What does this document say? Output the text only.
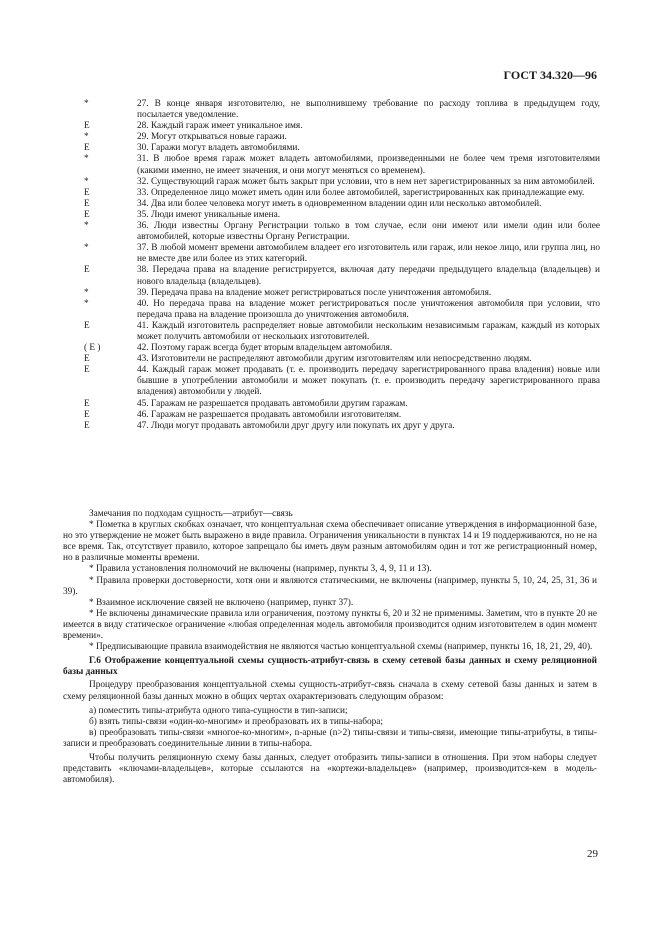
ГОСТ 34.320—96
*	27. В конце января изготовителю, не выполнившему требование по расходу топлива в предыдущем году, посылается уведомление.
E	28. Каждый гараж имеет уникальное имя.
*	29. Могут открываться новые гаражи.
E	30. Гаражи могут владеть автомобилями.
*	31. В любое время гараж может владеть автомобилями, произведенными не более чем тремя изготовителями (какими именно, не имеет значения, и они могут меняться со временем).
*	32. Существующий гараж может быть закрыт при условии, что в нем нет зарегистрированных за ним автомобилей.
E	33. Определенное лицо может иметь один или более автомобилей, зарегистрированных как принадлежащие ему.
E	34. Два или более человека могут иметь в одновременном владении один или несколько автомобилей.
E	35. Люди имеют уникальные имена.
*	36. Люди известны Органу Регистрации только в том случае, если они имеют или имели один или более автомобилей, которые известны Органу Регистрации.
*	37. В любой момент времени автомобилем владеет его изготовитель или гараж, или некое лицо, или группа лиц, но не вместе две или более из этих категорий.
E	38. Передача права на владение регистрируется, включая дату передачи предыдущего владельца (владельцев) и нового владельца (владельцев).
*	39. Передача права на владение может регистрироваться после уничтожения автомобиля.
*	40. Но передача права на владение может регистрироваться после уничтожения автомобиля при условии, что передача права на владение произошла до уничтожения автомобиля.
E	41. Каждый изготовитель распределяет новые автомобили нескольким независимым гаражам, каждый из которых может получить автомобили от нескольких изготовителей.
( E )	42. Поэтому гараж всегда будет вторым владельцем автомобиля.
E	43. Изготовители не распределяют автомобили другим изготовителям или непосредственно людям.
E	44. Каждый гараж может продавать (т. е. производить передачу зарегистрированного права владения) новые или бывшие в употреблении автомобили и может покупать (т. е. производить передачу зарегистрированного права владения) автомобили у людей.
E	45. Гаражам не разрешается продавать автомобили другим гаражам.
E	46. Гаражам не разрешается продавать автомобили изготовителям.
E	47. Люди могут продавать автомобили друг другу или покупать их друг у друга.

Замечания по подходам сущность—атрибут—связь

* Пометка в круглых скобках означает, что концептуальная схема обеспечивает описание утверждения в информационной базе, но это утверждение не может быть выражено в виде правила. Ограничения уникальности в пунктах 14 и 19 поддерживаются, но не на все время. Так, отсутствует правило, которое запрещало бы иметь двум разным автомобилям один и тот же регистрационный номер, но в различные моменты времени.

* Правила установления полномочий не включены (например, пункты 3, 4, 9, 11 и 13).

* Правила проверки достоверности, хотя они и являются статическими, не включены (например, пункты 5, 10, 24, 25, 31, 36 и 39).

* Взаимное исключение связей не включено (например, пункт 37).

* Не включены динамические правила или ограничения, поэтому пункты 6, 20 и 32 не применимы. Заметим, что в пункте 20 не имеется в виду статическое ограничение «любая определенная модель автомобиля производится одним изготовителем в один момент времени».

* Предписывающие правила взаимодействия не являются частью концептуальной схемы (например, пункты 16, 18, 21, 29, 40).

Г.6 Отображение концептуальной схемы сущность-атрибут-связь в схему сетевой базы данных и схему реляционной базы данных

Процедуру преобразования концептуальной схемы сущность-атрибут-связь сначала в схему сетевой базы данных и затем в схему реляционной базы данных можно в общих чертах охарактеризовать следующим образом:

а) поместить типы-атрибута одного типа-сущности в тип-записи;

б) взять типы-связи «один-ко-многим» и преобразовать их в типы-набора;

в) преобразовать типы-связи «многое-ко-многим», n-арные (n>2) типы-связи и типы-связи, имеющие типы-атрибуты, в типы-записи и преобразовать соединительные линии в типы-набора.

Чтобы получить реляционную схему базы данных, следует отобразить типы-записи в отношения. При этом наборы следует представить «ключами-владельцев», которые ссылаются на «кортежи-владельцев» (например, производится-кем в модель-автомобиля).

29
